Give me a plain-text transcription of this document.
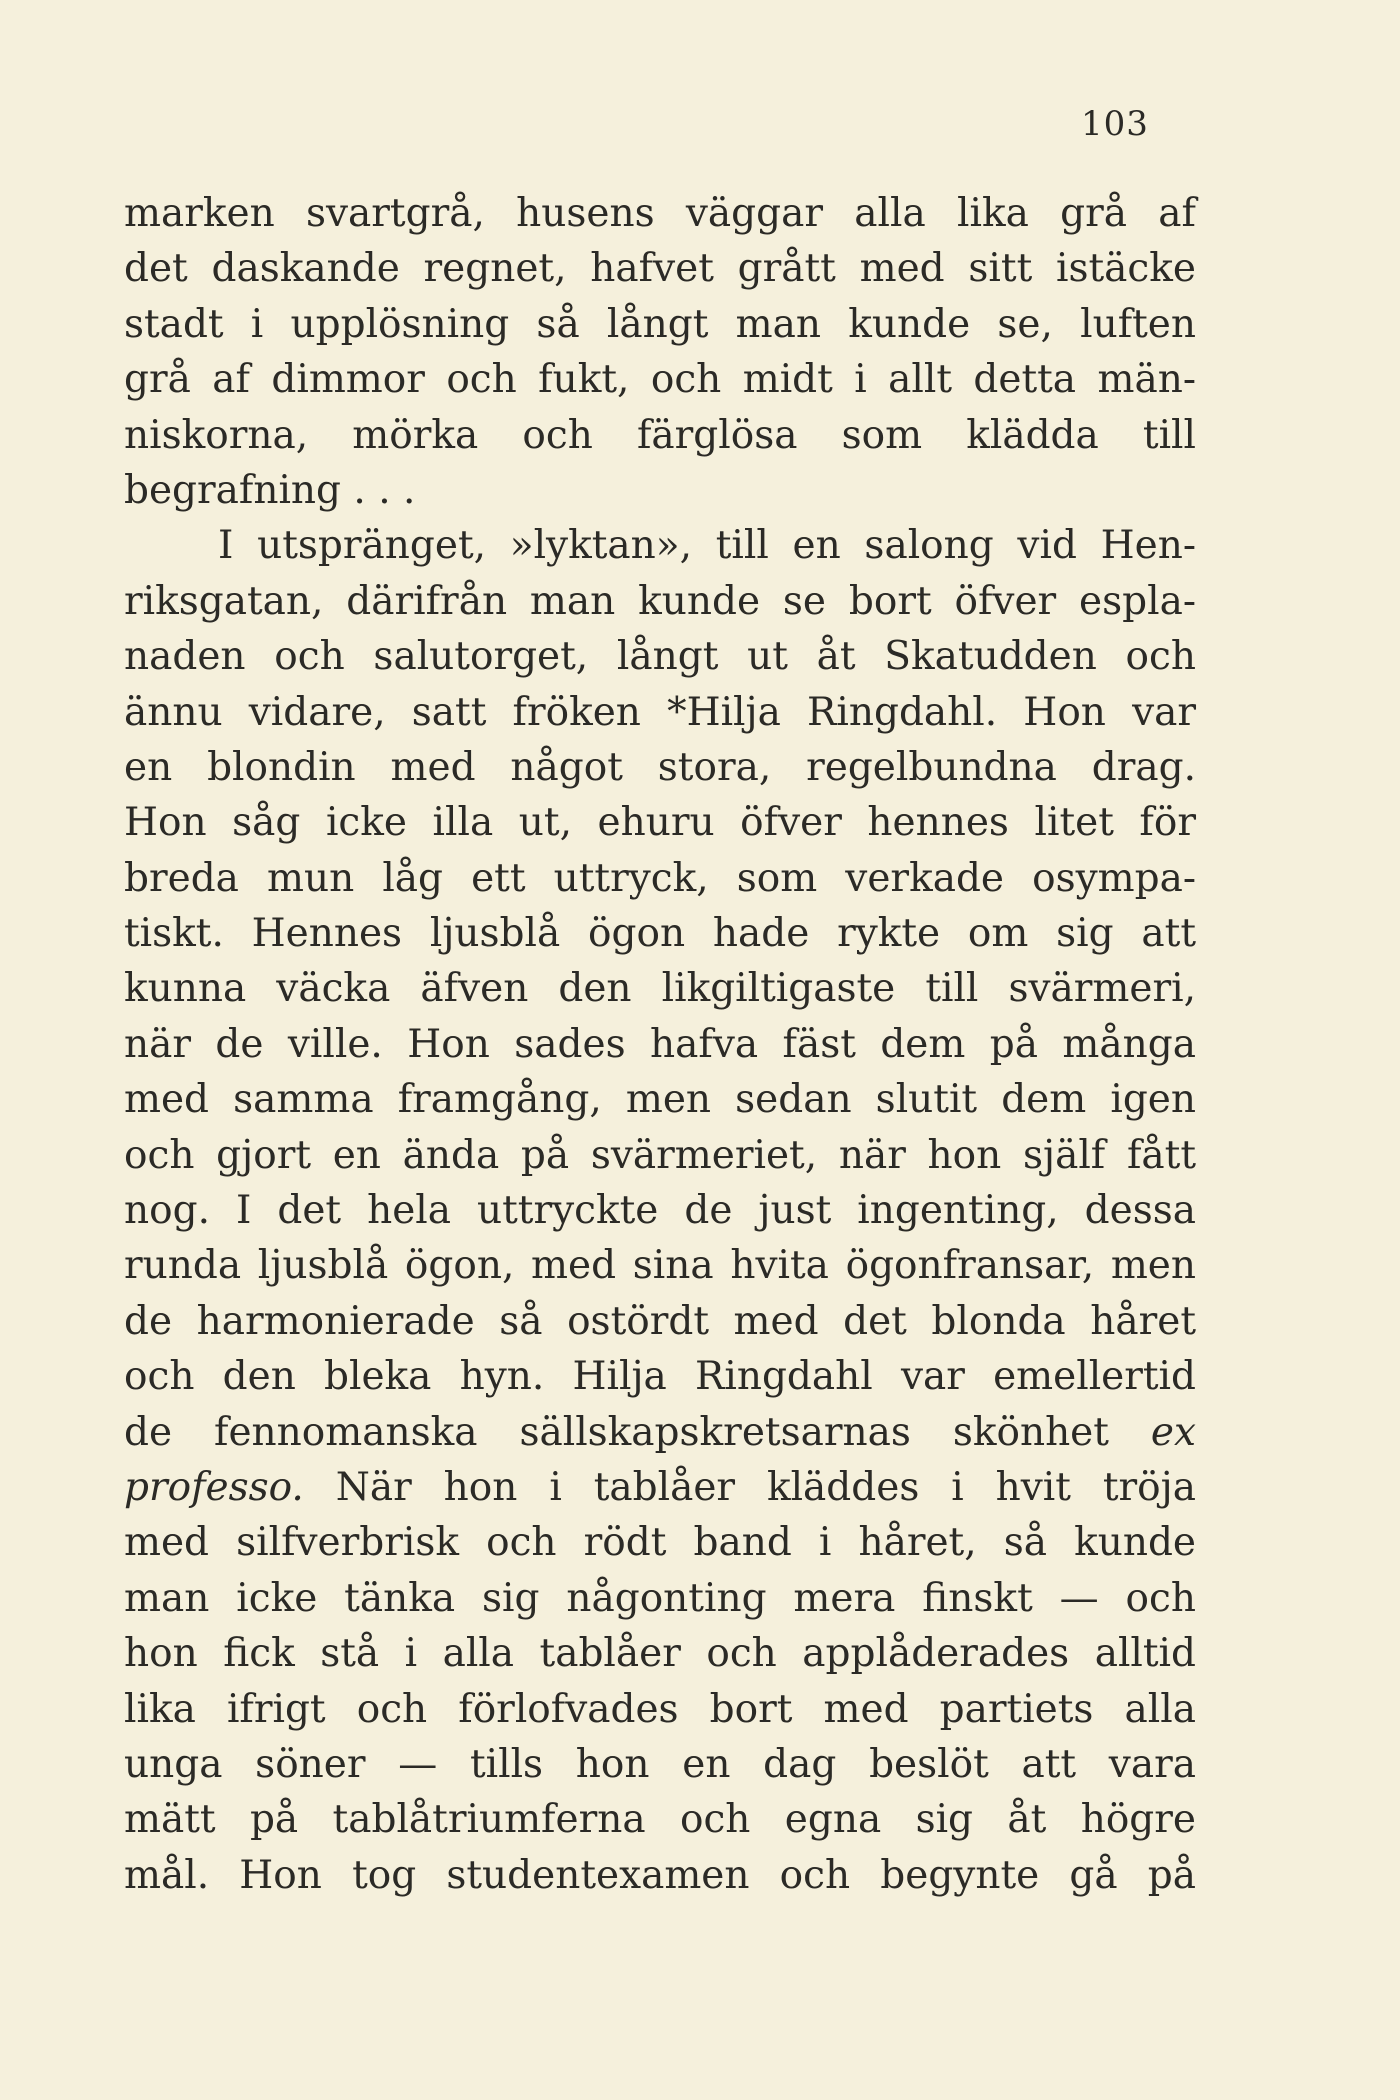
103
marken svartgrå, husens väggar alla lika grå af
det daskande regnet, hafvet grått med sitt istäcke
stadt i upplösning så långt man kunde se, luften
grå af dimmor och fukt, och midt i allt detta män-
niskorna, mörka och färglösa som klädda till
begrafning . . .
I utspränget, »lyktan», till en salong vid Hen-
riksgatan, därifrån man kunde se bort öfver espla-
naden och salutorget, långt ut åt Skatudden och
ännu vidare, satt fröken *Hilja Ringdahl. Hon var
en blondin med något stora, regelbundna drag.
Hon såg icke illa ut, ehuru öfver hennes litet för
breda mun låg ett uttryck, som verkade osympa-
tiskt. Hennes ljusblå ögon hade rykte om sig att
kunna väcka äfven den likgiltigaste till svärmeri,
när de ville. Hon sades hafva fäst dem på många
med samma framgång, men sedan slutit dem igen
och gjort en ända på svärmeriet, när hon själf fått
nog. I det hela uttryckte de just ingenting, dessa
runda ljusblå ögon, med sina hvita ögonfransar, men
de harmonierade så ostördt med det blonda håret
och den bleka hyn. Hilja Ringdahl var emellertid
de fennomanska sällskapskretsarnas skönhet ex
professo. När hon i tablåer kläddes i hvit tröja
med silfverbrisk och rödt band i håret, så kunde
man icke tänka sig någonting mera finskt — och
hon fick stå i alla tablåer och applåderades alltid
lika ifrigt och förlofvades bort med partiets alla
unga söner — tills hon en dag beslöt att vara
mätt på tablåtriumferna och egna sig åt högre
mål. Hon tog studentexamen och begynte gå på
